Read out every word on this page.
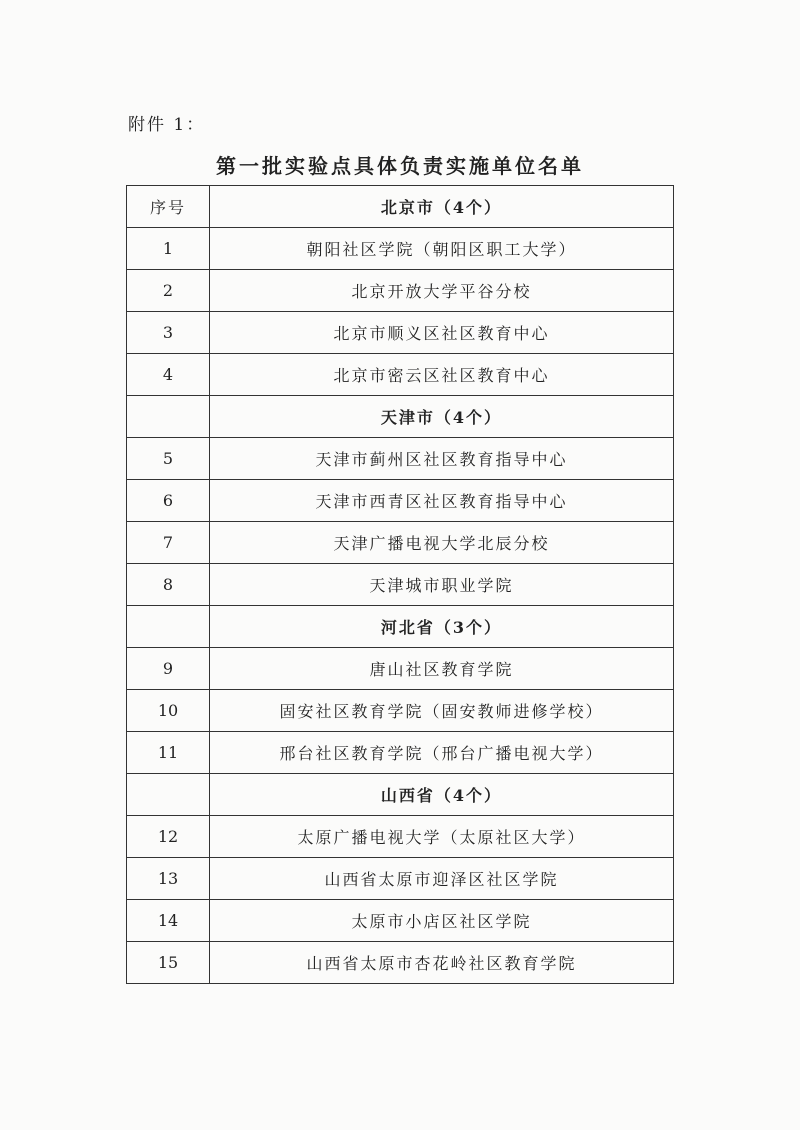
附件 1：
第一批实验点具体负责实施单位名单
序号	北京市（4个）
1	朝阳社区学院（朝阳区职工大学）
2	北京开放大学平谷分校
3	北京市顺义区社区教育中心
4	北京市密云区社区教育中心
	天津市（4个）
5	天津市蓟州区社区教育指导中心
6	天津市西青区社区教育指导中心
7	天津广播电视大学北辰分校
8	天津城市职业学院
	河北省（3个）
9	唐山社区教育学院
10	固安社区教育学院（固安教师进修学校）
11	邢台社区教育学院（邢台广播电视大学）
	山西省（4个）
12	太原广播电视大学（太原社区大学）
13	山西省太原市迎泽区社区学院
14	太原市小店区社区学院
15	山西省太原市杏花岭社区教育学院
